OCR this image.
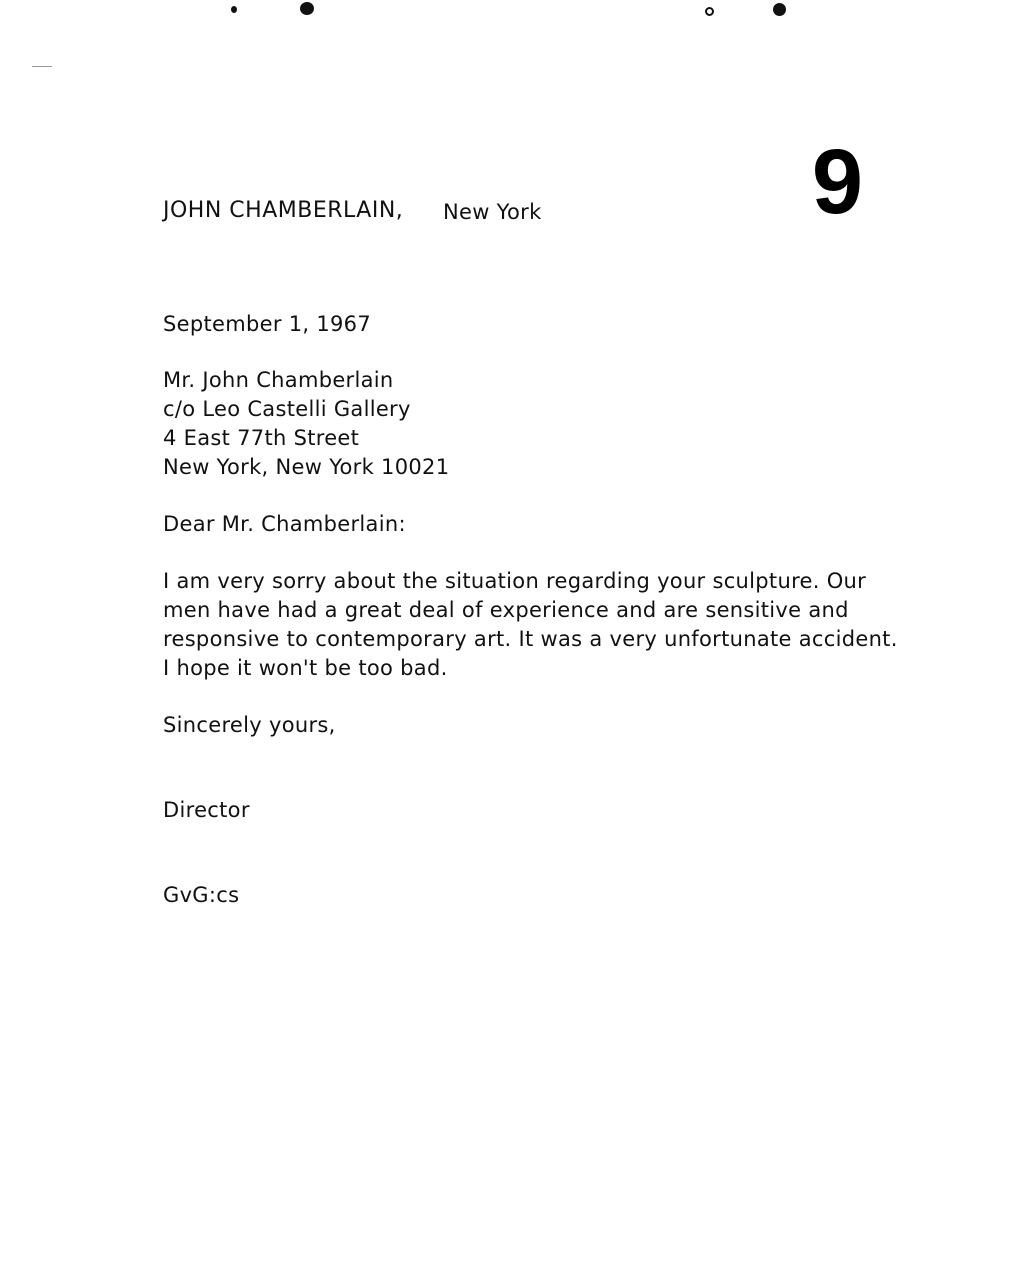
JOHN CHAMBERLAIN, New York	9
September 1, 1967
Mr. John Chamberlain
c/o Leo Castelli Gallery
4 East 77th Street
New York, New York 10021
Dear Mr. Chamberlain:
I am very sorry about the situation regarding your sculpture. Our
men have had a great deal of experience and are sensitive and
responsive to contemporary art. It was a very unfortunate accident.
I hope it won't be too bad.
Sincerely yours,
Director
GvG:cs
